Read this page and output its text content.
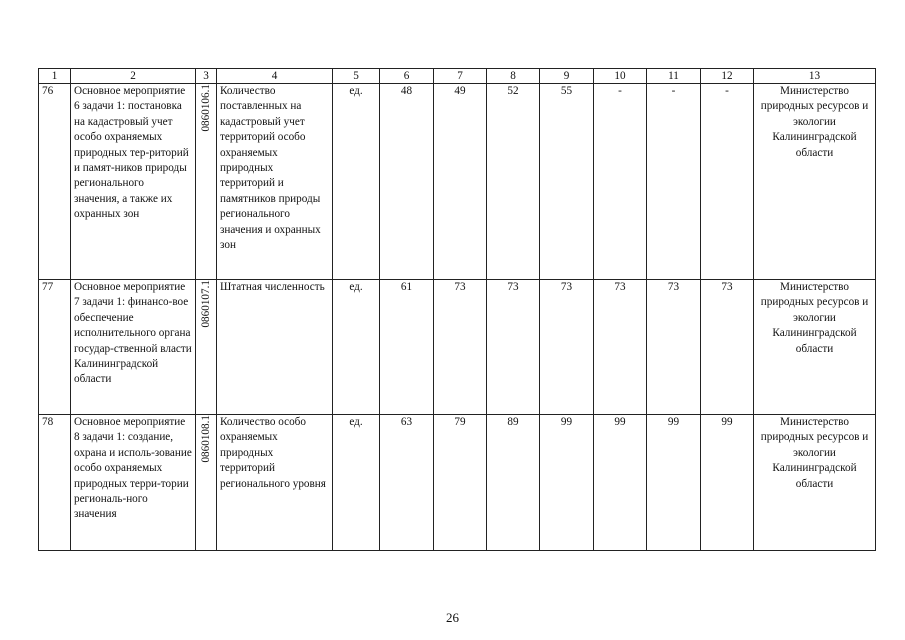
1	2	3	4	5	6	7	8	9	10	11	12	13
76	Основное мероприятие 6 задачи 1: постановка на кадастровый учет особо охраняемых природных тер-риторий и памят-ников природы регионального значения, а также их охранных зон	0860106.1	Количество поставленных на кадастровый учет территорий особо охраняемых природных территорий и памятников природы регионального значения и охранных зон	ед.	48	49	52	55	-	-	-	Министерство природных ресурсов и экологии Калининградской области
77	Основное мероприятие 7 задачи 1: финансо-вое обеспечение исполнительного органа государ-ственной власти Калининградской области	0860107.1	Штатная численность	ед.	61	73	73	73	73	73	73	Министерство природных ресурсов и экологии Калининградской области
78	Основное мероприятие 8 задачи 1: создание, охрана и исполь-зование особо охраняемых природных терри-тории региональ-ного значения	0860108.1	Количество особо охраняемых природных территорий регионального уровня	ед.	63	79	89	99	99	99	99	Министерство природных ресурсов и экологии Калининградской области
26
